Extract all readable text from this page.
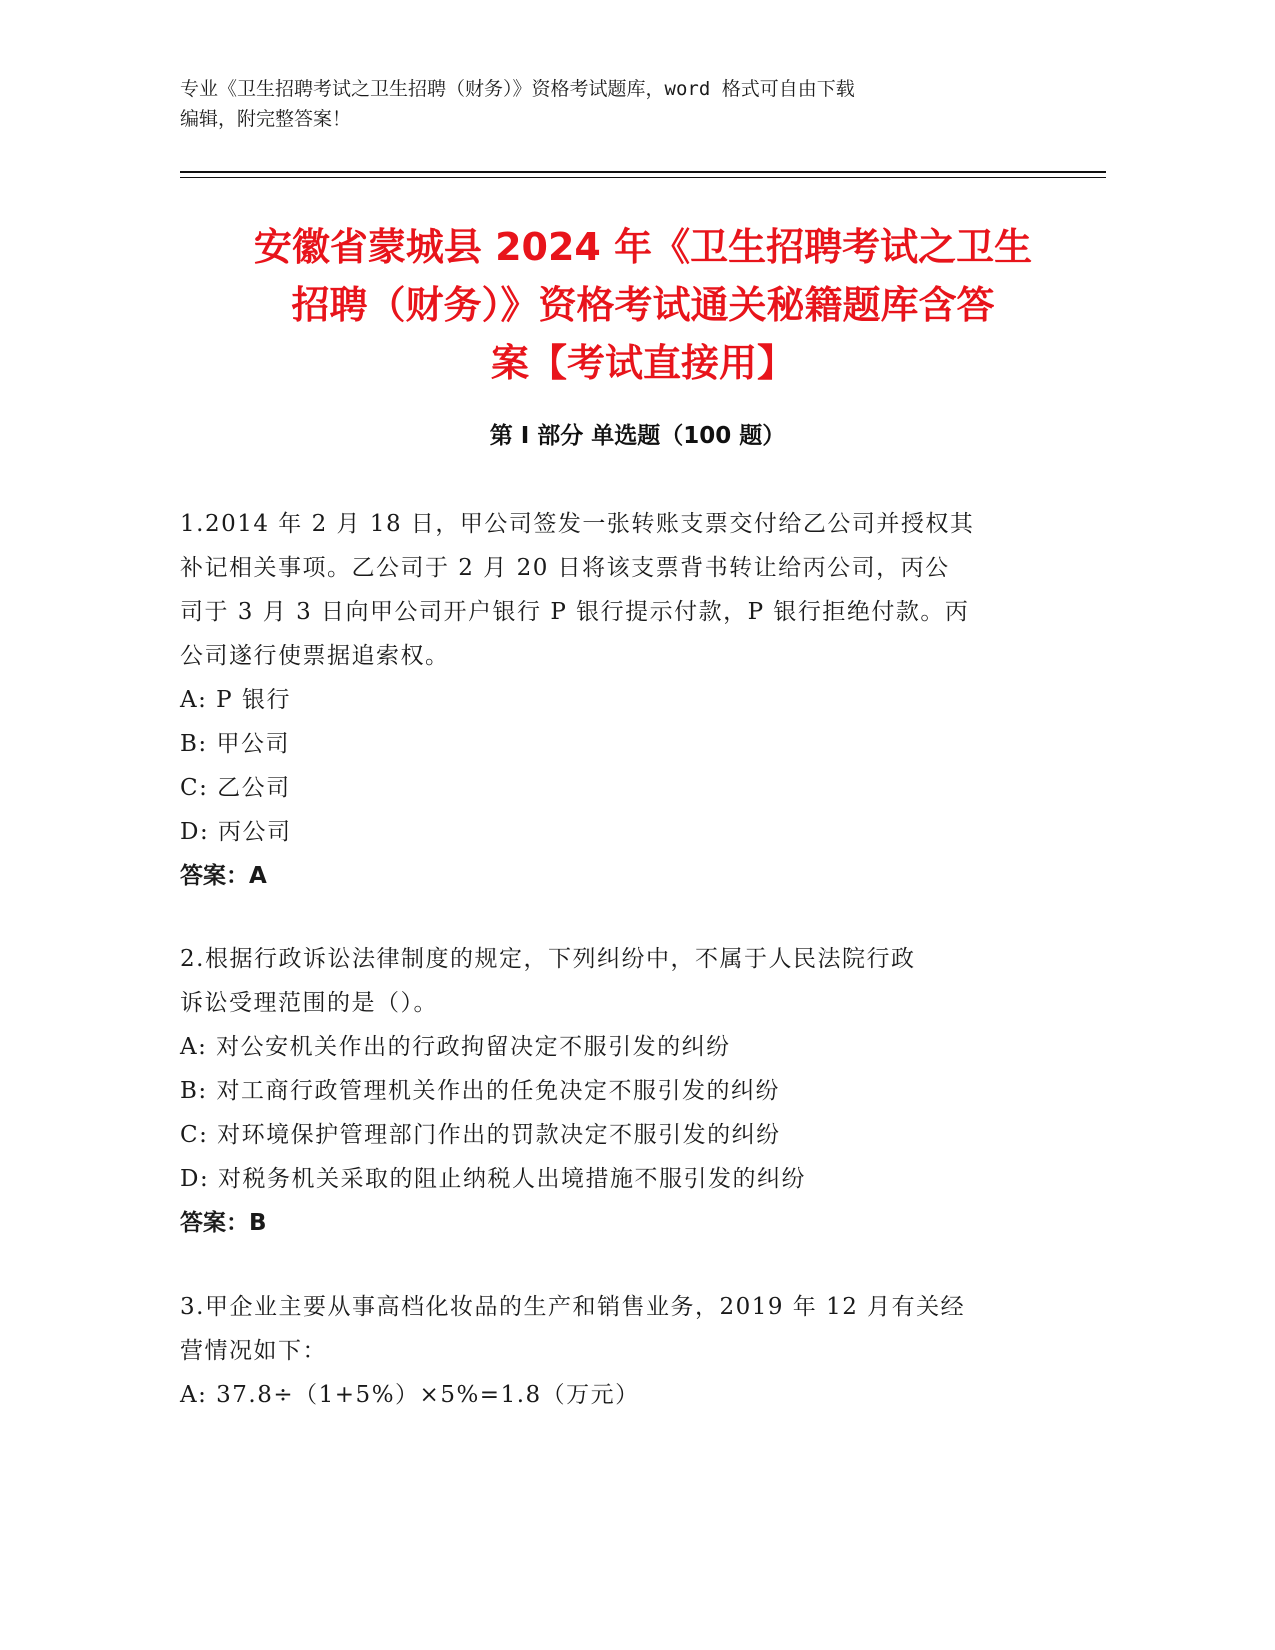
专业《卫生招聘考试之卫生招聘（财务）》资格考试题库，word 格式可自由下载
编辑，附完整答案！
安徽省蒙城县 2024 年《卫生招聘考试之卫生
招聘（财务）》资格考试通关秘籍题库含答
案【考试直接用】
第 I 部分 单选题（100 题）
1.2014 年 2 月 18 日，甲公司签发一张转账支票交付给乙公司并授权其
补记相关事项。乙公司于 2 月 20 日将该支票背书转让给丙公司，丙公
司于 3 月 3 日向甲公司开户银行 P 银行提示付款，P 银行拒绝付款。丙
公司遂行使票据追索权。
A: P 银行
B: 甲公司
C: 乙公司
D: 丙公司
答案：A
2.根据行政诉讼法律制度的规定，下列纠纷中，不属于人民法院行政
诉讼受理范围的是（）。
A: 对公安机关作出的行政拘留决定不服引发的纠纷
B: 对工商行政管理机关作出的任免决定不服引发的纠纷
C: 对环境保护管理部门作出的罚款决定不服引发的纠纷
D: 对税务机关采取的阻止纳税人出境措施不服引发的纠纷
答案：B
3.甲企业主要从事高档化妆品的生产和销售业务，2019 年 12 月有关经
营情况如下：
A: 37.8÷（1+5%）×5%=1.8（万元）
